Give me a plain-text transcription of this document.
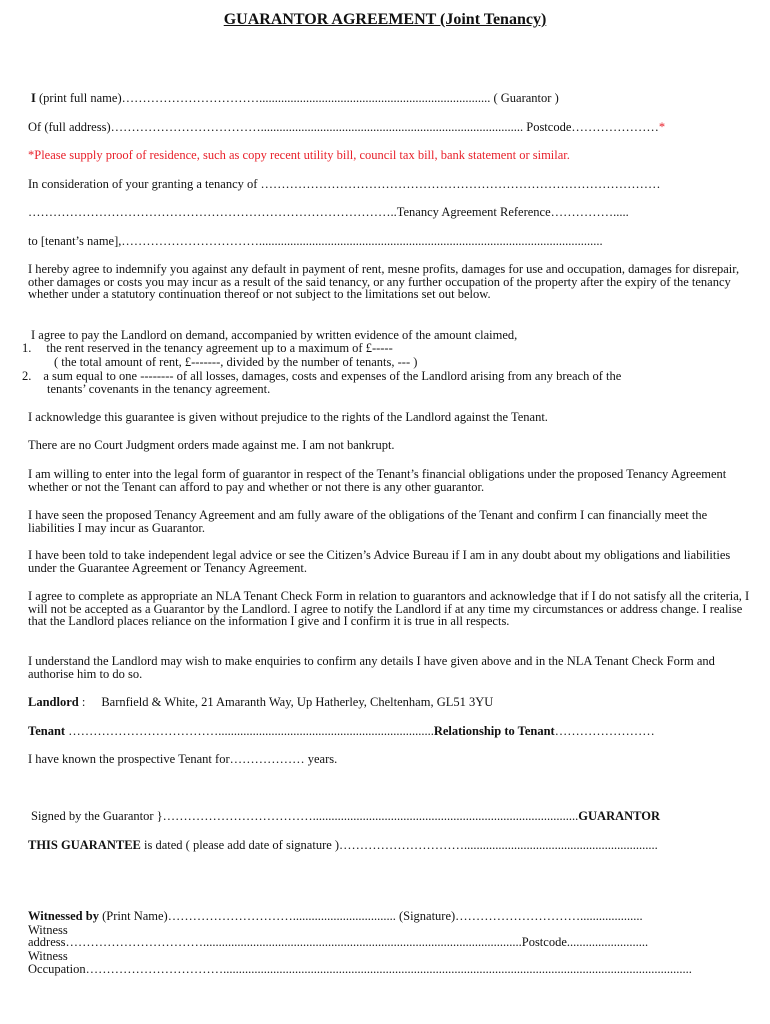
GUARANTOR AGREEMENT (Joint Tenancy)
I (print full name)…………………………….......................................................................... ( Guarantor )
Of (full address)……………………………….................................................................................... Postcode…………………*
*Please supply proof of residence, such as copy recent utility bill, council tax bill, bank statement or similar.
In consideration of your granting a tenancy of ……………………………………………………………………………………
……………………………………………………………………………..Tenancy Agreement Reference…………….....
to [tenant’s name],……………………………..............................................................................................................
I hereby agree to indemnify you against any default in payment of rent, mesne profits, damages for use and occupation, damages for disrepair, other damages or costs you may incur as a result of the said tenancy, or any further occupation of the property after the expiry of the tenancy whether under a statutory continuation thereof or not subject to the limitations set out below.
I agree to pay the Landlord on demand, accompanied by written evidence of the amount claimed,
1. the rent reserved in the tenancy agreement up to a maximum of £-----
( the total amount of rent, £-------, divided by the number of tenants, --- )
2. a sum equal to one -------- of all losses, damages, costs and expenses of the Landlord arising from any breach of the
tenants’ covenants in the tenancy agreement.
I acknowledge this guarantee is given without prejudice to the rights of the Landlord against the Tenant.
There are no Court Judgment orders made against me. I am not bankrupt.
I am willing to enter into the legal form of guarantor in respect of the Tenant’s financial obligations under the proposed Tenancy Agreement whether or not the Tenant can afford to pay and whether or not there is any other guarantor.
I have seen the proposed Tenancy Agreement and am fully aware of the obligations of the Tenant and confirm I can financially meet the liabilities I may incur as Guarantor.
I have been told to take independent legal advice or see the Citizen’s Advice Bureau if I am in any doubt about my obligations and liabilities under the Guarantee Agreement or Tenancy Agreement.
I agree to complete as appropriate an NLA Tenant Check Form in relation to guarantors and acknowledge that if I do not satisfy all the criteria, I will not be accepted as a Guarantor by the Landlord. I agree to notify the Landlord if at any time my circumstances or address change. I realise that the Landlord places reliance on the information I give and I confirm it is true in all respects.
I understand the Landlord may wish to make enquiries to confirm any details I have given above and in the NLA Tenant Check Form and authorise him to do so.
Landlord : Barnfield & White, 21 Amaranth Way, Up Hatherley, Cheltenham, GL51 3YU
Tenant ……………………………….....................................................................Relationship to Tenant……………………
I have known the prospective Tenant for……………… years.
Signed by the Guarantor }……………………………….....................................................................................GUARANTOR
THIS GUARANTEE is dated ( please add date of signature )…………………………..............................................................
Witnessed by (Print Name)…………………………................................. (Signature)…………………………....................
Witness
address……………………………......................................................................................................Postcode..........................
Witness
Occupation……………………………......................................................................................................................................................
